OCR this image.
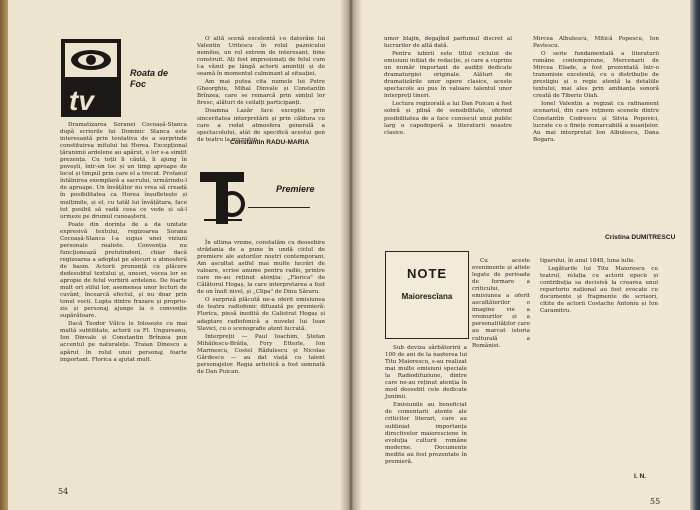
tv
Roata de Foc

Dramatizarea Soranei Cocoașă-Stanca după scrierile lui Dominic Stanca este interesantă prin tentativa de a surprinde constituirea mitului lui Horea. Excepțional țăranimii ardelene au apărut, o lor s-a simțit prezența. Cu toții îi căută, îi ajung în povești, într-un loc și un timp aproape de locul și timpul prin care el a trecut. Profanul întâlnirea exemplară a sacrului, urmărindu-l de aproape. Un învățător nu vrea să creadă în posibilitatea ca Horea înșufletește și mulțimile, și el, cu tatăl lui învățătura, face tot posibil să vadă ceea ce vede și să-l urmeze pe drumul cunoașterii.

Poate din dorința de a da unitate expresivă textului, regizoarea Sorana Cocoașă-Stanca l-a supus unei viziuni personale realiste. Convenția nu funcționează pretutindeni, chiar dacă regizoarea a adoptat pe alocuri o atmosferă de basm. Actorii pronunță cu plăcere dedesubtul textului și, uneori, vocea lor se apropie de felul vorbirii ardelene. De foarte mult ori stilul lor, asemenea unor lecturi de cuvânt, încearcă efectul, și nu doar prin tonul vocii. Lupta dintre frazare și propriu-zis și personaj ajunge la o convenție supărătoare.

Dacă Teodor Vălcu le folosește cu mai multă subtilitate, actorii ca Fl. Ungureanu, Ion Dinvale și Constantin Brînzea pun accentul pe naturalețe. Traian Dinescu a apărut în rolul unui personaj foarte important. Florica a ajutat mult.

O altă scenă excelentă i-o datorăm lui Valentin Uritescu în rolul paznicului nemilos, un rol extrem de interesant, bine construit. Ați fost impresionați de felul cum l-a văzut pe lângă actorii amintiți și de seamă în momentul culminant al situației.

Am mai putea cita numele lui Petre Gheorghiu, Mihai Dinvale și Constantin Brînzea, care se remarcă prin simțul lor firesc, alături de ceilalți participanți.

Doamna Lazăr face excepție prin sinceritatea interpretării și prin căldura cu care a redat atmosfera generală a spectacolului, atât de specifică acestui gen de teatru la microfon.

Constantin RADU-MARIA
Premiere

În ultima vreme, constatăm cu deosebire strădania de a pune în undă ciclul de premiere ale autorilor noștri contemporani. Am ascultat astfel mai multe lucrări de valoare, scrise anume pentru radio, printre care ne-au reținut atenția: „Florica" de Călătorul Hogaș, la care interpretarea a fost de un înalt nivel, și „Clipa" de Dinu Săraru.

O surpriză plăcută ne-a oferit emisiunea de teatru radiofonic difuzată pe premieră: Florica, piesă inedită de Calistrat Hogaș și adaptare radiofonică a nuvelei lui Ioan Slavici, cu o scenografie atent lucrată.

Interpreții — Paul Ioachim, Ștefan Mihăilescu-Brăila, Fory Etterle, Ion Marinescu, Costel Rădulescu și Nicolae Gărdescu — au dat viață cu talent personajelor. Regia artistică a fost semnată de Dan Puican.

54

umor blajin, degajînd parfumul discret al lucrurilor de altă dată.

Pentru iubirii este titlul ciclului de emisiuni inițiat de redacție, și care a cuprins un număr important de audiții dedicate dramaturgiei originale. Alături de dramatizările unor opere clasice, aceste spectacole au pus în valoare talentul unor interpreți tineri.

Lectura regizorală a lui Dan Puican a fost sobră și plină de sensibilitate, oferind posibilitatea de a face cunoscut unui public larg o capodoperă a literaturii noastre clasice.

Sub deviza sărbătoririi a 100 de ani de la nașterea lui Titu Maiorescu, s-au realizat mai multe emisiuni speciale la Radiodifuziune, dintre care ne-au reținut atenția în mod deosebit cele dedicate Junimii.

Emisiunile au beneficiat de comentarii atente ale criticilor literari, care au subliniat importanța directivelor maioresciene în evoluția culturii române moderne. Documente inedite au fost prezentate în premieră.

Cu aceste evenimente și altele legate de perioada de formare a criticului, emisiunea a oferit ascultătorilor o imagine vie a vremurilor și a personalităților care au marcat istoria culturală a României.

Mircea Albulescu, Mitică Popescu, Ion Pavlescu.

O serie fundamentală a literaturii române contemporane, Mercenarii de Mircea Eliade, a fost prezentată într-o transmisie excelentă, cu o distribuție de prestigiu și o regie atentă la detaliile textului, mai ales prin ambianța sonoră creată de Tiberiu Olah.

Ionel Valentin a regizat cu rafinament scenariul, din care reținem scenele dintre Constantin Codrescu și Silvia Popovici, lucrate cu o finețe remarcabilă a nuanțelor. Au mai interpretat Ion Albulescu, Dana Bogaru.

Cristina DUMITRESCU

tiparului, în anul 1848, luna iulie.

Legăturile lui Titu Maiorescu cu teatrul, relația cu actorii epocii și contribuția sa decisivă la crearea unui repertoriu național au fost evocate cu documente și fragmente de scrisori, citite de actorii Costache Antoniu și Ion Caramitru.

I. N.
55
NOTE
Maiorescîana
